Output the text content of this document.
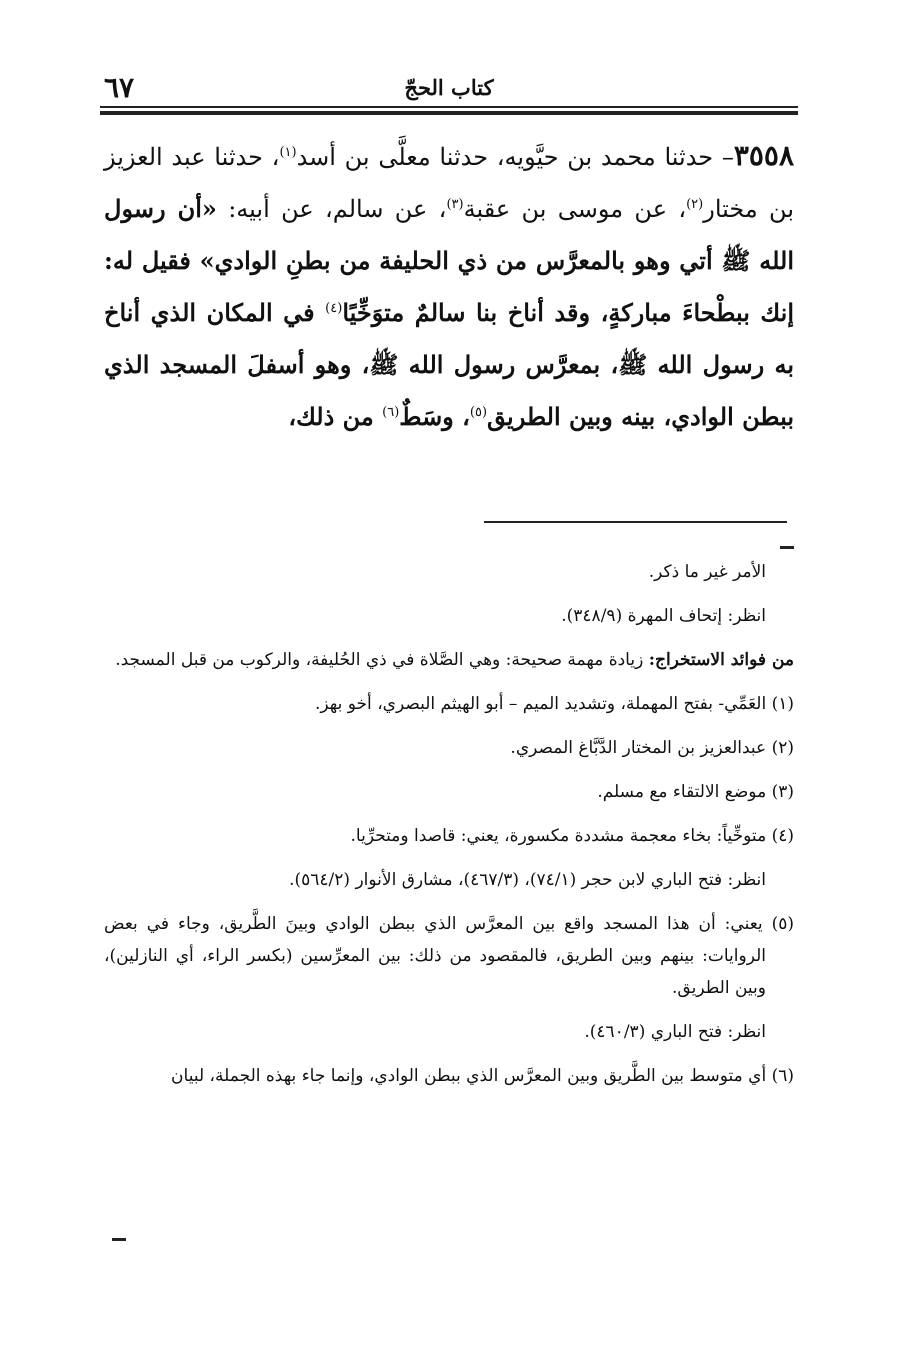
٦٧	كتاب الحجّ

٣٥٥٨– حدثنا محمد بن حيَّويه، حدثنا معلَّى بن أسد$^{(١)}$، حدثنا عبد العزيز بن مختار$^{(٢)}$، عن موسى بن عقبة$^{(٣)}$، عن سالم، عن أبيه: «أن رسول الله ﷺ أتي وهو بالمعرَّس من ذي الحليفة من بطنِ الوادي» فقيل له: إنك ببطْحاءَ مباركةٍ، وقد أناخ بنا سالمٌ متوَخِّيًا$^{(٤)}$ في المكان الذي أناخ به رسول الله ﷺ، بمعرَّس رسول الله ﷺ، وهو أسفلَ المسجد الذي ببطن الوادي، بينه وبين الطريق$^{(٥)}$، وسَطٌ$^{(٦)}$ من ذلك،

الأمر غير ما ذكر.

انظر: إتحاف المهرة (٣٤٨/٩).

من فوائد الاستخراج: زيادة مهمة صحيحة: وهي الصَّلاة في ذي الحُليفة، والركوب من قبل المسجد.

(١) العَمِّي- بفتح المهملة، وتشديد الميم – أبو الهيثم البصري، أخو بهز.

(٢) عبدالعزيز بن المختار الدَّبَّاغ المصري.

(٣) موضع الالتقاء مع مسلم.

(٤) متوخِّياً: بخاء معجمة مشددة مكسورة، يعني: قاصدا ومتحرِّيا.

انظر: فتح الباري لابن حجر (٧٤/١)، (٤٦٧/٣)، مشارق الأنوار (٥٦٤/٢).

(٥) يعني: أن هذا المسجد واقع بين المعرَّس الذي ببطن الوادي وبينَ الطَّريق، وجاء في بعض الروايات: بينهم وبين الطريق، فالمقصود من ذلك: بين المعرِّسين (بكسر الراء، أي النازلين)، وبين الطريق.

انظر: فتح الباري (٤٦٠/٣).

(٦) أي متوسط بين الطَّريق وبين المعرَّس الذي ببطن الوادي، وإنما جاء بهذه الجملة، لبيان
